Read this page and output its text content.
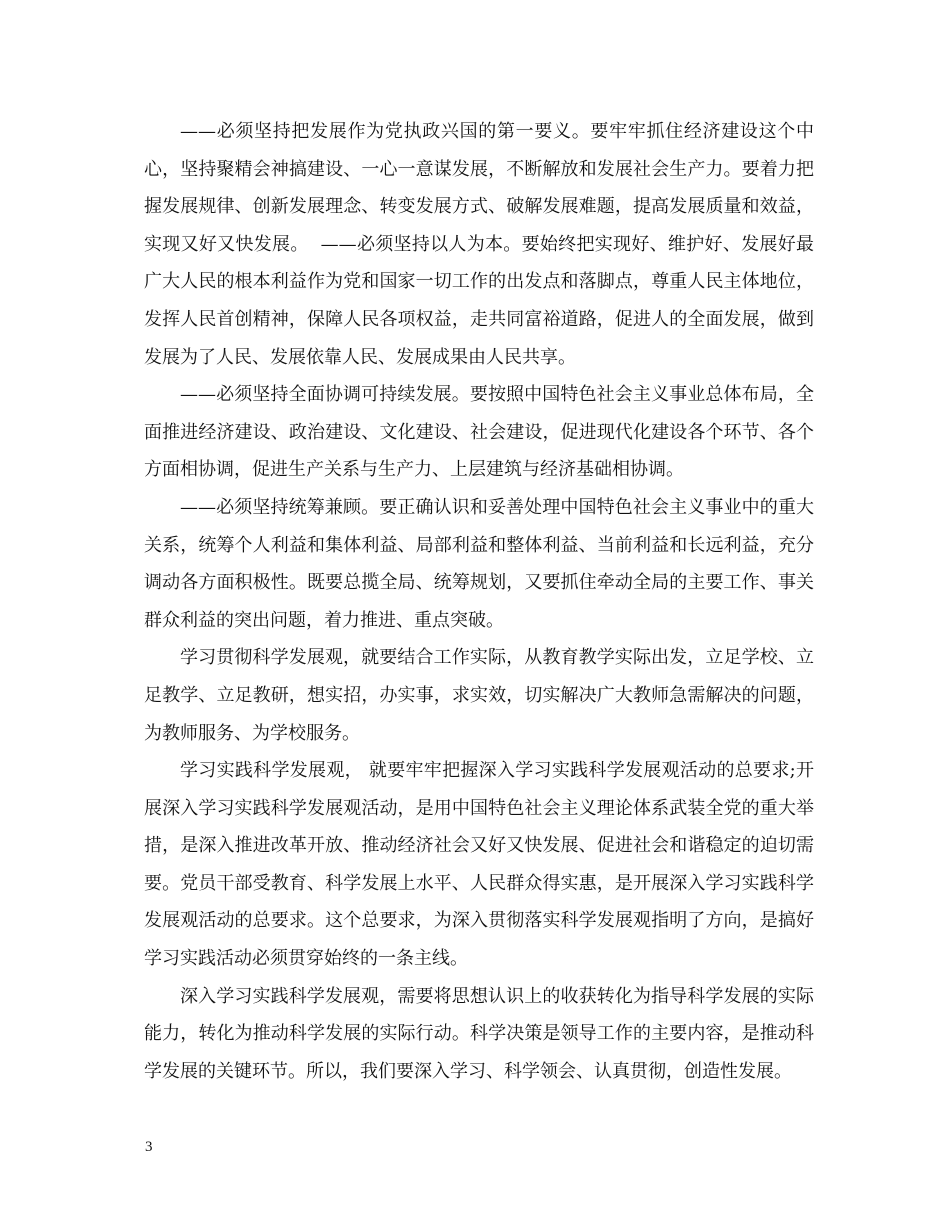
——必须坚持把发展作为党执政兴国的第一要义。要牢牢抓住经济建设这个中心，坚持聚精会神搞建设、一心一意谋发展，不断解放和发展社会生产力。要着力把握发展规律、创新发展理念、转变发展方式、破解发展难题，提高发展质量和效益，实现又好又快发展。  ——必须坚持以人为本。要始终把实现好、维护好、发展好最广大人民的根本利益作为党和国家一切工作的出发点和落脚点，尊重人民主体地位，发挥人民首创精神，保障人民各项权益，走共同富裕道路，促进人的全面发展，做到发展为了人民、发展依靠人民、发展成果由人民共享。

——必须坚持全面协调可持续发展。要按照中国特色社会主义事业总体布局，全面推进经济建设、政治建设、文化建设、社会建设，促进现代化建设各个环节、各个方面相协调，促进生产关系与生产力、上层建筑与经济基础相协调。

——必须坚持统筹兼顾。要正确认识和妥善处理中国特色社会主义事业中的重大关系，统筹个人利益和集体利益、局部利益和整体利益、当前利益和长远利益，充分调动各方面积极性。既要总揽全局、统筹规划，又要抓住牵动全局的主要工作、事关群众利益的突出问题，着力推进、重点突破。

学习贯彻科学发展观，就要结合工作实际，从教育教学实际出发，立足学校、立足教学、立足教研，想实招，办实事，求实效，切实解决广大教师急需解决的问题，为教师服务、为学校服务。

学习实践科学发展观， 就要牢牢把握深入学习实践科学发展观活动的总要求;开展深入学习实践科学发展观活动，是用中国特色社会主义理论体系武装全党的重大举措，是深入推进改革开放、推动经济社会又好又快发展、促进社会和谐稳定的迫切需要。党员干部受教育、科学发展上水平、人民群众得实惠，是开展深入学习实践科学发展观活动的总要求。这个总要求，为深入贯彻落实科学发展观指明了方向，是搞好学习实践活动必须贯穿始终的一条主线。

深入学习实践科学发展观，需要将思想认识上的收获转化为指导科学发展的实际能力，转化为推动科学发展的实际行动。科学决策是领导工作的主要内容，是推动科学发展的关键环节。所以，我们要深入学习、科学领会、认真贯彻，创造性发展。

3
